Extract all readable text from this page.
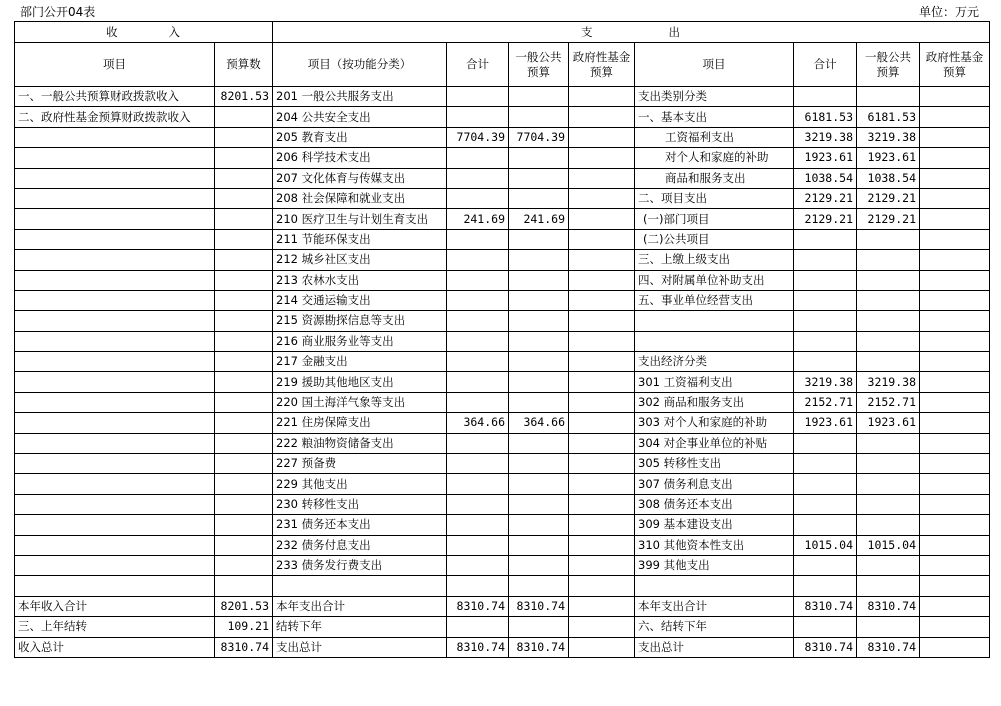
部门公开04表	单位：万元
收　　　　入		支　　　　　　出							
项目	预算数	项目（按功能分类）	合计	一般公共预算	政府性基金预算	项目	合计	一般公共预算	政府性基金预算
一、一般公共预算财政拨款收入	8201.53	201 一般公共服务支出				支出类别分类			
二、政府性基金预算财政拨款收入		204 公共安全支出				一、基本支出	6181.53	6181.53	
		205 教育支出	7704.39	7704.39		工资福利支出	3219.38	3219.38	
		206 科学技术支出				对个人和家庭的补助	1923.61	1923.61	
		207 文化体育与传媒支出				商品和服务支出	1038.54	1038.54	
		208 社会保障和就业支出				二、项目支出	2129.21	2129.21	
		210 医疗卫生与计划生育支出	241.69	241.69		(一)部门项目	2129.21	2129.21	
		211 节能环保支出				(二)公共项目			
		212 城乡社区支出				三、上缴上级支出			
		213 农林水支出				四、对附属单位补助支出			
		214 交通运输支出				五、事业单位经营支出			
		215 资源勘探信息等支出							
		216 商业服务业等支出							
		217 金融支出				支出经济分类			
		219 援助其他地区支出				301 工资福利支出	3219.38	3219.38	
		220 国土海洋气象等支出				302 商品和服务支出	2152.71	2152.71	
		221 住房保障支出	364.66	364.66		303 对个人和家庭的补助	1923.61	1923.61	
		222 粮油物资储备支出				304 对企事业单位的补贴			
		227 预备费				305 转移性支出			
		229 其他支出				307 债务利息支出			
		230 转移性支出				308 债务还本支出			
		231 债务还本支出				309 基本建设支出			
		232 债务付息支出				310 其他资本性支出	1015.04	1015.04	
		233 债务发行费支出				399 其他支出			

本年收入合计	8201.53	本年支出合计	8310.74	8310.74		本年支出合计	8310.74	8310.74	
三、上年结转	109.21	结转下年				六、结转下年			
收入总计	8310.74	支出总计	8310.74	8310.74		支出总计	8310.74	8310.74	
